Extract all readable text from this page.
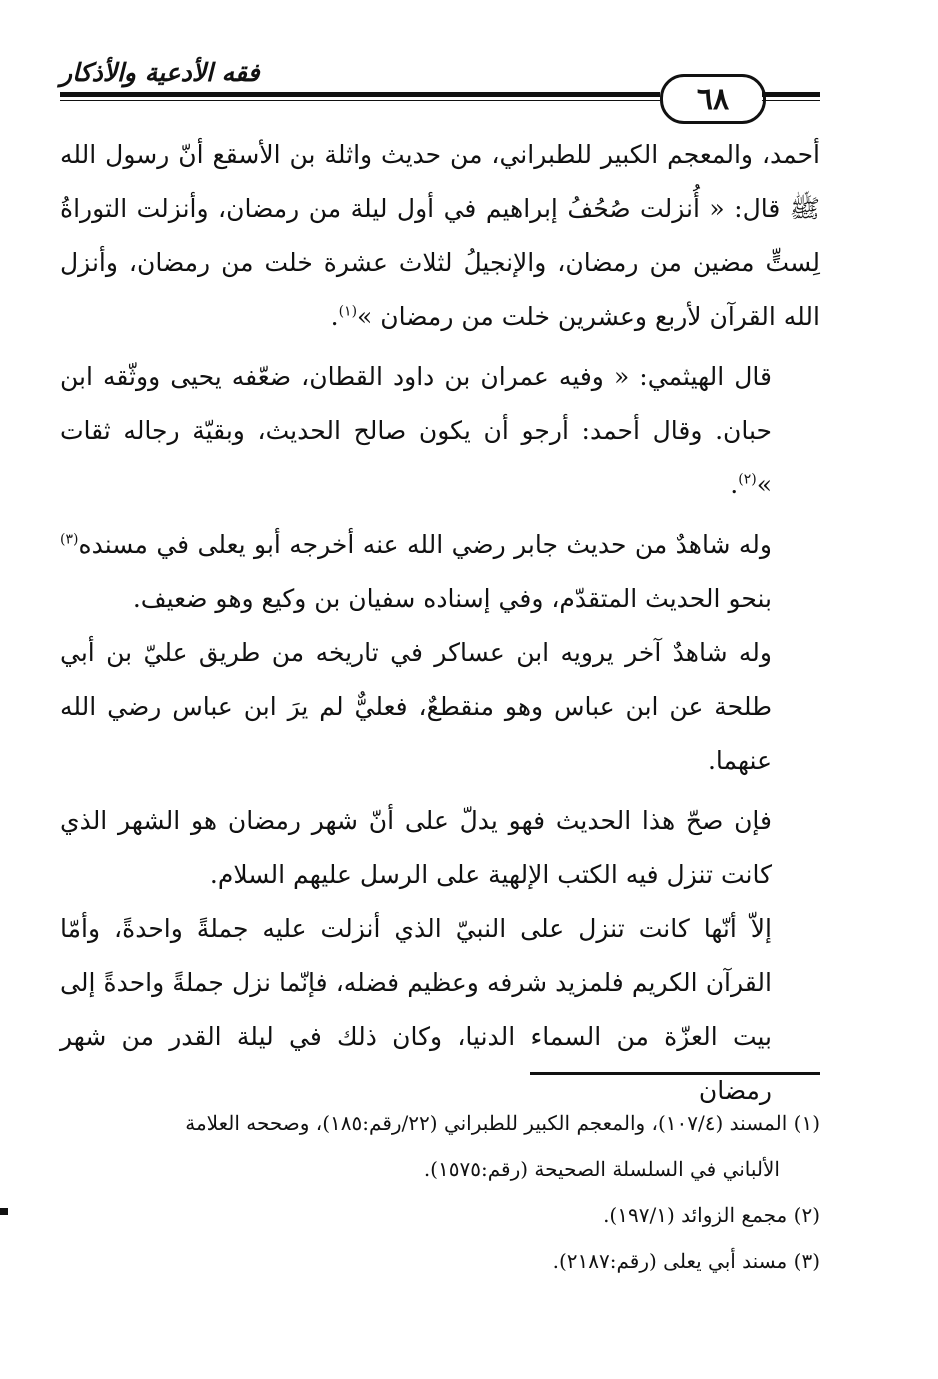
فقه الأدعية والأذكار
٦٨

أحمد، والمعجم الكبير للطبراني، من حديث واثلة بن الأسقع أنّ رسول الله ﷺ قال: « أُنزلت صُحُفُ إبراهيم في أول ليلة من رمضان، وأنزلت التوراةُ لِستٍّ مضين من رمضان، والإنجيلُ لثلاث عشرة خلت من رمضان، وأنزل الله القرآن لأربع وعشرين خلت من رمضان »$^{(١)}$.

قال الهيثمي: « وفيه عمران بن داود القطان، ضعّفه يحيى ووثّقه ابن حبان. وقال أحمد: أرجو أن يكون صالح الحديث، وبقيّة رجاله ثقات »$^{(٢)}$.

وله شاهدٌ من حديث جابر رضي الله عنه أخرجه أبو يعلى في مسنده$^{(٣)}$ بنحو الحديث المتقدّم، وفي إسناده سفيان بن وكيع وهو ضعيف.

وله شاهدٌ آخر يرويه ابن عساكر في تاريخه من طريق عليّ بن أبي طلحة عن ابن عباس وهو منقطعٌ، فعليٌّ لم يرَ ابن عباس رضي الله عنهما.

فإن صحّ هذا الحديث فهو يدلّ على أنّ شهر رمضان هو الشهر الذي كانت تنزل فيه الكتب الإلهية على الرسل عليهم السلام.

إلاّ أنّها كانت تنزل على النبيّ الذي أنزلت عليه جملةً واحدةً، وأمّا القرآن الكريم فلمزيد شرفه وعظيم فضله، فإنّما نزل جملةً واحدةً إلى بيت العزّة من السماء الدنيا، وكان ذلك في ليلة القدر من شهر رمضان

(١) المسند (١٠٧/٤)، والمعجم الكبير للطبراني (٢٢/رقم:١٨٥)، وصححه العلامة

الألباني في السلسلة الصحيحة (رقم:١٥٧٥).

(٢) مجمع الزوائد (١٩٧/١).

(٣) مسند أبي يعلى (رقم:٢١٨٧).
